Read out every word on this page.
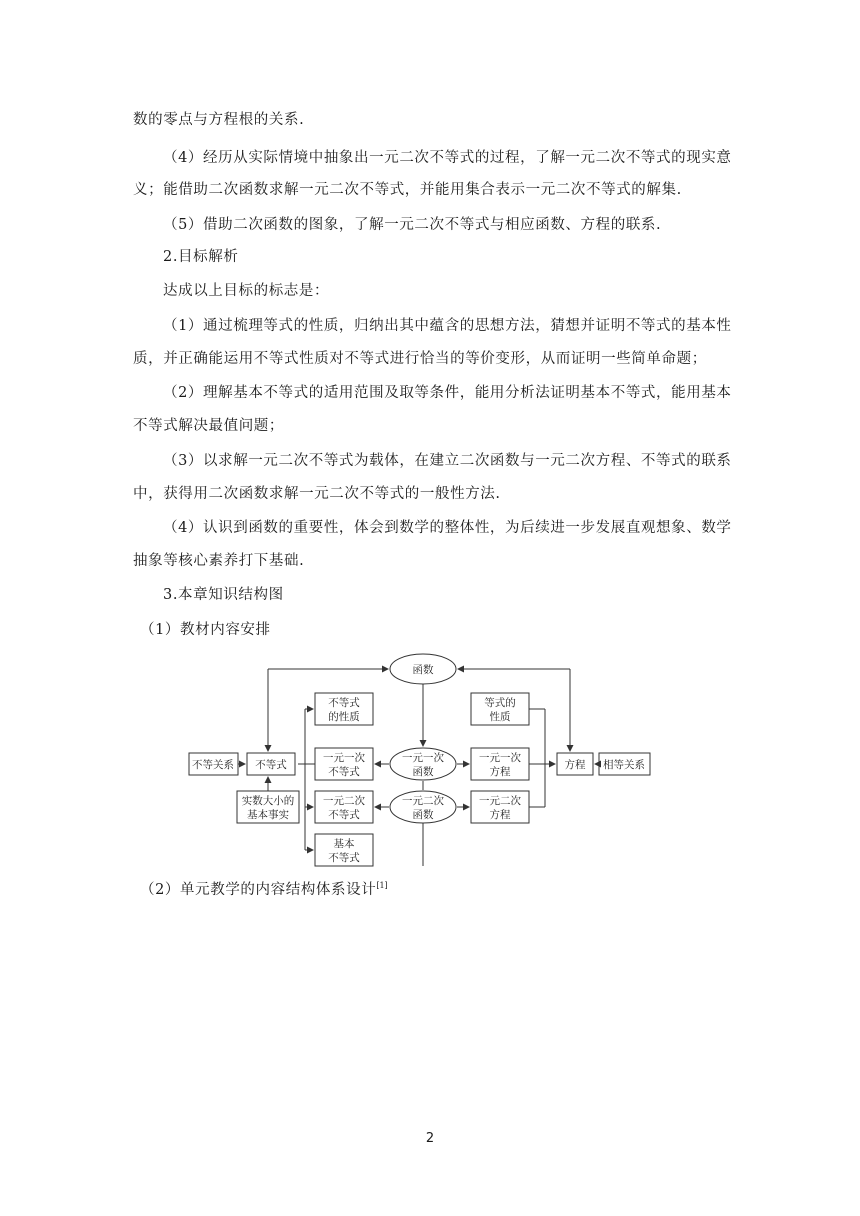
数的零点与方程根的关系.
（4）经历从实际情境中抽象出一元二次不等式的过程，了解一元二次不等式的现实意
义；能借助二次函数求解一元二次不等式，并能用集合表示一元二次不等式的解集.
（5）借助二次函数的图象，了解一元二次不等式与相应函数、方程的联系.
2.目标解析
达成以上目标的标志是：
（1）通过梳理等式的性质，归纳出其中蕴含的思想方法，猜想并证明不等式的基本性
质，并正确能运用不等式性质对不等式进行恰当的等价变形，从而证明一些简单命题；
（2）理解基本不等式的适用范围及取等条件，能用分析法证明基本不等式，能用基本
不等式解决最值问题；
（3）以求解一元二次不等式为载体，在建立二次函数与一元二次方程、不等式的联系
中，获得用二次函数求解一元二次不等式的一般性方法.
（4）认识到函数的重要性，体会到数学的整体性，为后续进一步发展直观想象、数学
抽象等核心素养打下基础.
3.本章知识结构图
（1）教材内容安排
函数
不等式
的性质
等式的
性质
不等关系 不等式
一元一次
不等式
一元一次
函数
一元一次
方程
方程 相等关系
实数大小的
基本事实
一元二次
不等式
一元二次
函数
一元二次
方程
基本
不等式
（2）单元教学的内容结构体系设计[1]
2
